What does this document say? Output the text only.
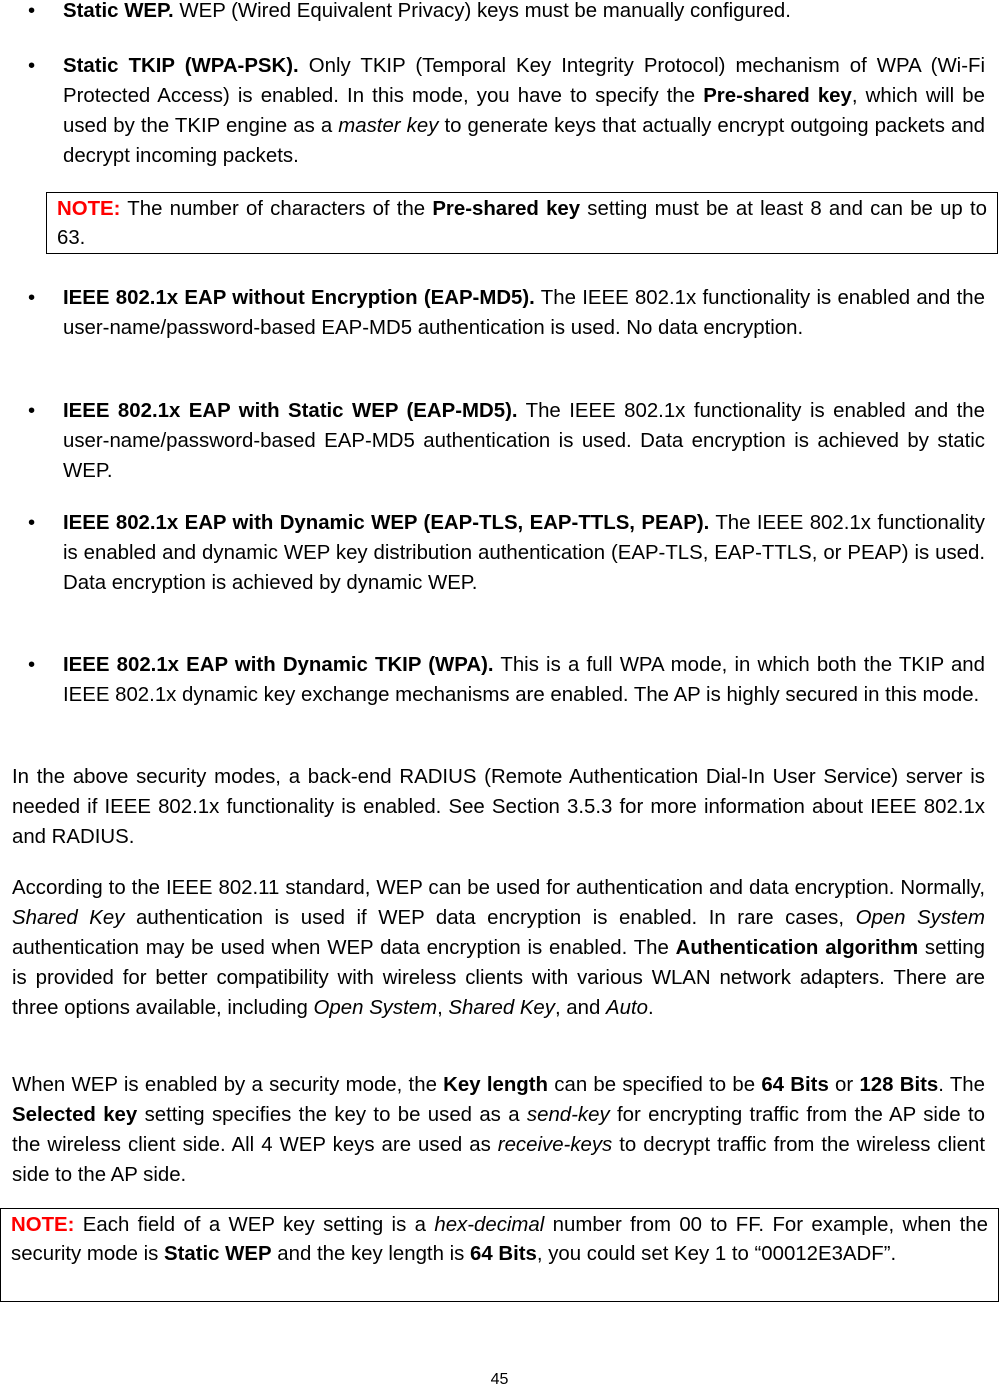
•	Static WEP. WEP (Wired Equivalent Privacy) keys must be manually configured.
•	Static TKIP (WPA-PSK). Only TKIP (Temporal Key Integrity Protocol) mechanism of WPA (Wi-Fi Protected Access) is enabled. In this mode, you have to specify the Pre-shared key, which will be used by the TKIP engine as a master key to generate keys that actually encrypt outgoing packets and decrypt incoming packets.
NOTE: The number of characters of the Pre-shared key setting must be at least 8 and can be up to 63.
•	IEEE 802.1x EAP without Encryption (EAP-MD5). The IEEE 802.1x functionality is enabled and the user-name/password-based EAP-MD5 authentication is used. No data encryption.
•	IEEE 802.1x EAP with Static WEP (EAP-MD5). The IEEE 802.1x functionality is enabled and the user-name/password-based EAP-MD5 authentication is used. Data encryption is achieved by static WEP.
•	IEEE 802.1x EAP with Dynamic WEP (EAP-TLS, EAP-TTLS, PEAP). The IEEE 802.1x functionality is enabled and dynamic WEP key distribution authentication (EAP-TLS, EAP-TTLS, or PEAP) is used. Data encryption is achieved by dynamic WEP.
•	IEEE 802.1x EAP with Dynamic TKIP (WPA). This is a full WPA mode, in which both the TKIP and IEEE 802.1x dynamic key exchange mechanisms are enabled. The AP is highly secured in this mode.
In the above security modes, a back-end RADIUS (Remote Authentication Dial-In User Service) server is needed if IEEE 802.1x functionality is enabled. See Section 3.5.3 for more information about IEEE 802.1x and RADIUS.
According to the IEEE 802.11 standard, WEP can be used for authentication and data encryption. Normally, Shared Key authentication is used if WEP data encryption is enabled. In rare cases, Open System authentication may be used when WEP data encryption is enabled. The Authentication algorithm setting is provided for better compatibility with wireless clients with various WLAN network adapters. There are three options available, including Open System, Shared Key, and Auto.
When WEP is enabled by a security mode, the Key length can be specified to be 64 Bits or 128 Bits. The Selected key setting specifies the key to be used as a send-key for encrypting traffic from the AP side to the wireless client side. All 4 WEP keys are used as receive-keys to decrypt traffic from the wireless client side to the AP side.
NOTE: Each field of a WEP key setting is a hex-decimal number from 00 to FF. For example, when the security mode is Static WEP and the key length is 64 Bits, you could set Key 1 to “00012E3ADF”.
45
